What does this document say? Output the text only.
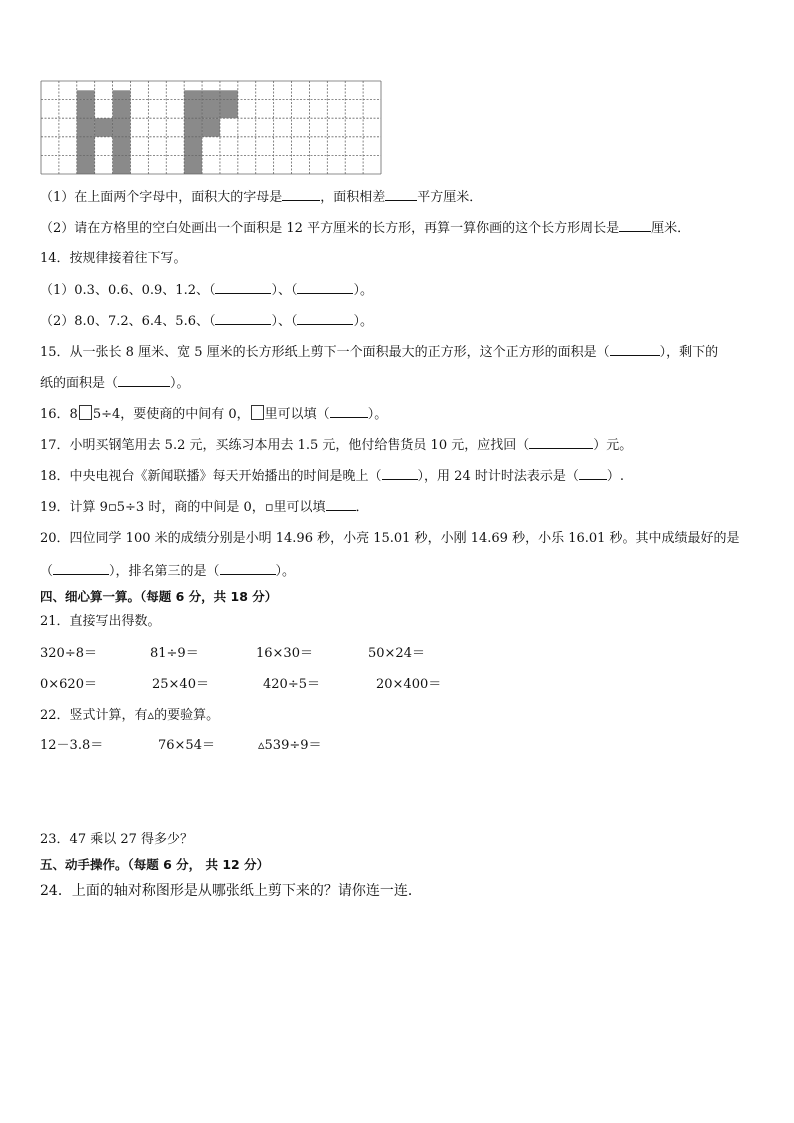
（1）在上面两个字母中，面积大的字母是	，面积相差 平方厘米．
（2）请在方格里的空白处画出一个面积是 12 平方厘米的长方形，再算一算你画的这个长方形周长是 厘米．
14．按规律接着往下写。
（1）0.3、0.6、0.9、1.2、（	）、（	）。
（2）8.0、7.2、6.4、5.6、（	）、（	）。
15．从一张长 8 厘米、宽 5 厘米的长方形纸上剪下一个面积最大的正方形，这个正方形的面积是（	），剩下的
纸的面积是（	）。
16．8 5÷4，要使商的中间有 0， 里可以填（	）。
17．小明买钢笔用去 5.2 元，买练习本用去 1.5 元，他付给售货员 10 元，应找回（	）元。
18．中央电视台《新闻联播》每天开始播出的时间是晚上（	），用 24 时计时法表示是（ ）.
19．计算 9▫5÷3 时，商的中间是 0，▫里可以填 ．
20．四位同学 100 米的成绩分别是小明 14.96 秒，小亮 15.01 秒，小刚 14.69 秒，小乐 16.01 秒。其中成绩最好的是
（	），排名第三的是（	）。
四、细心算一算。（每题 6 分，共 18 分）
21．直接写出得数。
320÷8＝	81÷9＝	16×30＝	50×24＝
0×620＝	25×40＝	420÷5＝	20×400＝
22．竖式计算，有▵的要验算。
12－3.8＝	76×54＝	▵539÷9＝
23．47 乘以 27 得多少？
五、动手操作。（每题 6 分， 共 12 分）
24．上面的轴对称图形是从哪张纸上剪下来的？请你连一连．
